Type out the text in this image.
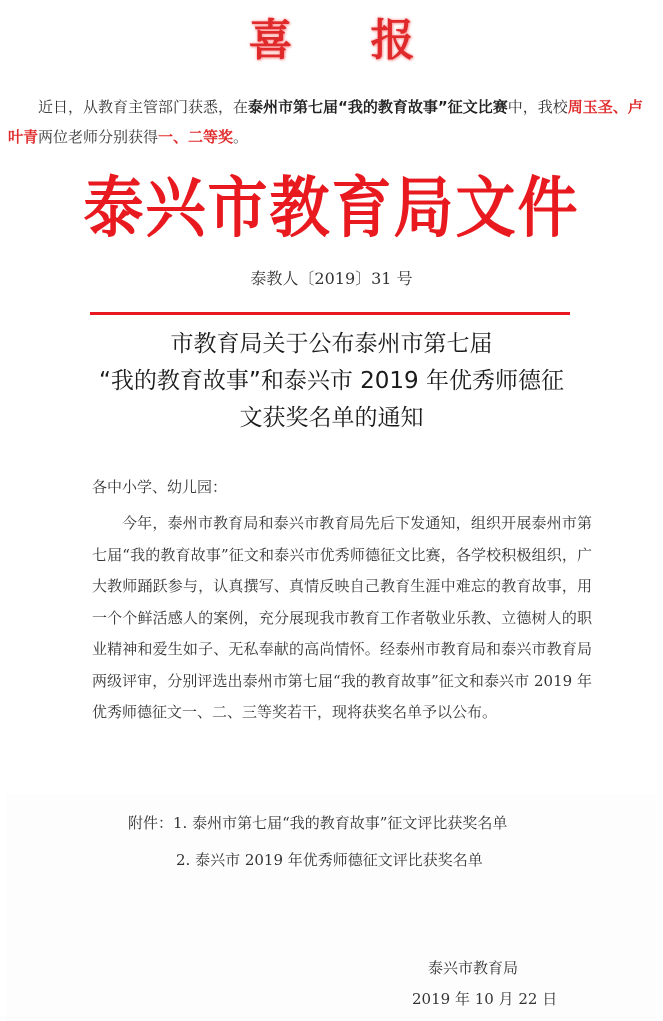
喜报
近日，从教育主管部门获悉，在泰州市第七届“我的教育故事”征文比赛中，我校周玉圣、卢叶青两位老师分别获得一、二等奖。
泰兴市教育局文件
泰教人〔2019〕31 号
市教育局关于公布泰州市第七届
“我的教育故事”和泰兴市 2019 年优秀师德征
文获奖名单的通知
各中小学、幼儿园：
今年，泰州市教育局和泰兴市教育局先后下发通知，组织开展泰州市第七届“我的教育故事”征文和泰兴市优秀师德征文比赛，各学校积极组织，广大教师踊跃参与，认真撰写、真情反映自己教育生涯中难忘的教育故事，用一个个鲜活感人的案例，充分展现我市教育工作者敬业乐教、立德树人的职业精神和爱生如子、无私奉献的高尚情怀。经泰州市教育局和泰兴市教育局两级评审，分别评选出泰州市第七届“我的教育故事”征文和泰兴市 2019 年优秀师德征文一、二、三等奖若干，现将获奖名单予以公布。
附件：1. 泰州市第七届“我的教育故事”征文评比获奖名单
2. 泰兴市 2019 年优秀师德征文评比获奖名单
泰兴市教育局
2019 年 10 月 22 日
